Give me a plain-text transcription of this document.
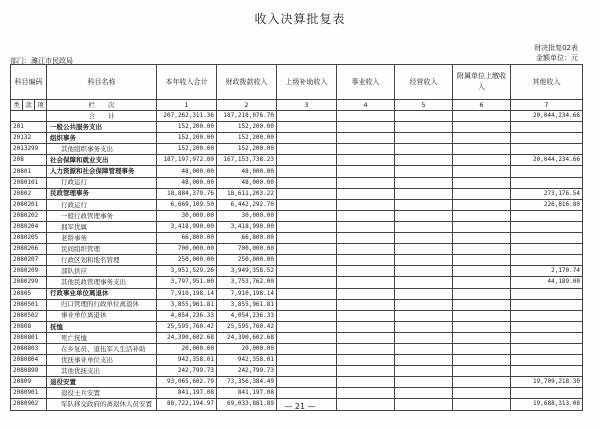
收入决算批复表
财决批复02表
金额单位：元
部门：濉江市民政局
科目编码			科目名称	本年收入合计	财政拨款收入	上级补助收入	事业收入	经营收入	附属单位上缴收入	其他收入
类	款	项	栏　　次	1	2	3	4	5	6	7
			合　　计	207,262,311.36	187,218,076.70					20,044,234.66
201			一般公共服务支出	152,200.00	152,200.00					
20132			组织事务	152,200.00	152,200.00					
2013299			其他组织事务支出	152,200.00	152,200.00					
208			社会保障和就业支出	187,197,972.89	167,153,738.23					20,044,234.66
20801			人力资源和社会保障管理事务	48,000.00	48,000.00					
2080101			行政运行	48,000.00	48,000.00					
20802			民政管理事务	18,884,379.76	18,611,203.22					273,176.54
2080201			行政运行	6,669,109.50	6,442,292.70					226,816.80
2080202			一般行政管理事务	30,000.00	30,000.00					
2080204			拥军优属	3,418,990.00	3,418,990.00					
2080205			老龄事务	66,800.00	66,800.00					
2080206			民间组织管理	700,000.00	700,000.00					
2080207			行政区划和地名管理	250,000.00	250,000.00					
2080209			部队供应	3,951,529.26	3,949,358.52					2,170.74
2080299			其他民政管理事务支出	3,797,951.00	3,753,762.00					44,189.00
20805			行政事业单位离退休	7,910,198.14	7,910,198.14					
2080501			归口管理的行政单位离退休	3,855,961.81	3,855,961.81					
2080502			事业单位离退休	4,054,236.33	4,054,236.33					
20808			抚恤	25,595,760.42	25,595,760.42					
2080801			死亡抚恤	24,390,602.68	24,390,602.68					
2080803			在乡复员、退伍军人生活补助	20,000.00	20,000.00					
2080804			优抚事业单位支出	942,358.01	942,358.01					
2080899			其他优抚支出	242,799.73	242,799.73					
20809			退役安置	93,065,602.79	73,356,384.49					19,709,218.30
2080901			退役士兵安置	841,197.08	841,197.08					
2080902			军队移交政府的离退休人员安置	88,722,194.97	69,033,881.89					19,688,313.08
— 21 —
